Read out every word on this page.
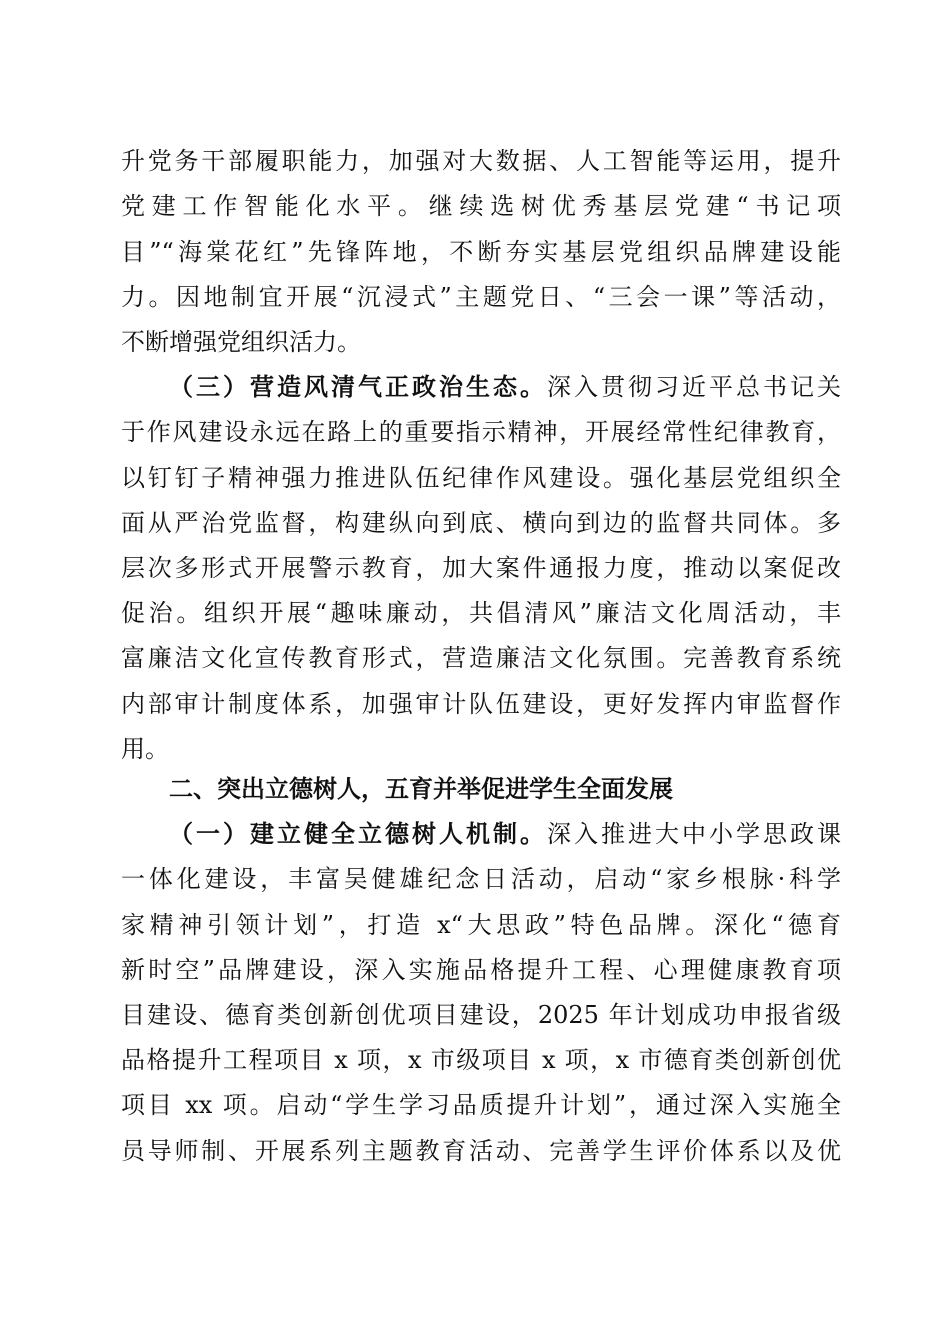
升党务干部履职能力，加强对大数据、人工智能等运用，提升
党建工作智能化水平。继续选树优秀基层党建“书记项
目”“海棠花红”先锋阵地，不断夯实基层党组织品牌建设能
力。因地制宜开展“沉浸式”主题党日、“三会一课”等活动，
不断增强党组织活力。
（三）营造风清气正政治生态。深入贯彻习近平总书记关
于作风建设永远在路上的重要指示精神，开展经常性纪律教育，
以钉钉子精神强力推进队伍纪律作风建设。强化基层党组织全
面从严治党监督，构建纵向到底、横向到边的监督共同体。多
层次多形式开展警示教育，加大案件通报力度，推动以案促改
促治。组织开展“趣味廉动，共倡清风”廉洁文化周活动，丰
富廉洁文化宣传教育形式，营造廉洁文化氛围。完善教育系统
内部审计制度体系，加强审计队伍建设，更好发挥内审监督作
用。
二、突出立德树人，五育并举促进学生全面发展
（一）建立健全立德树人机制。深入推进大中小学思政课
一体化建设，丰富吴健雄纪念日活动，启动“家乡根脉·科学
家精神引领计划”，打造 x“大思政”特色品牌。深化“德育
新时空”品牌建设，深入实施品格提升工程、心理健康教育项
目建设、德育类创新创优项目建设，2025 年计划成功申报省级
品格提升工程项目 x 项，x 市级项目 x 项，x 市德育类创新创优
项目 xx 项。启动“学生学习品质提升计划”，通过深入实施全
员导师制、开展系列主题教育活动、完善学生评价体系以及优
